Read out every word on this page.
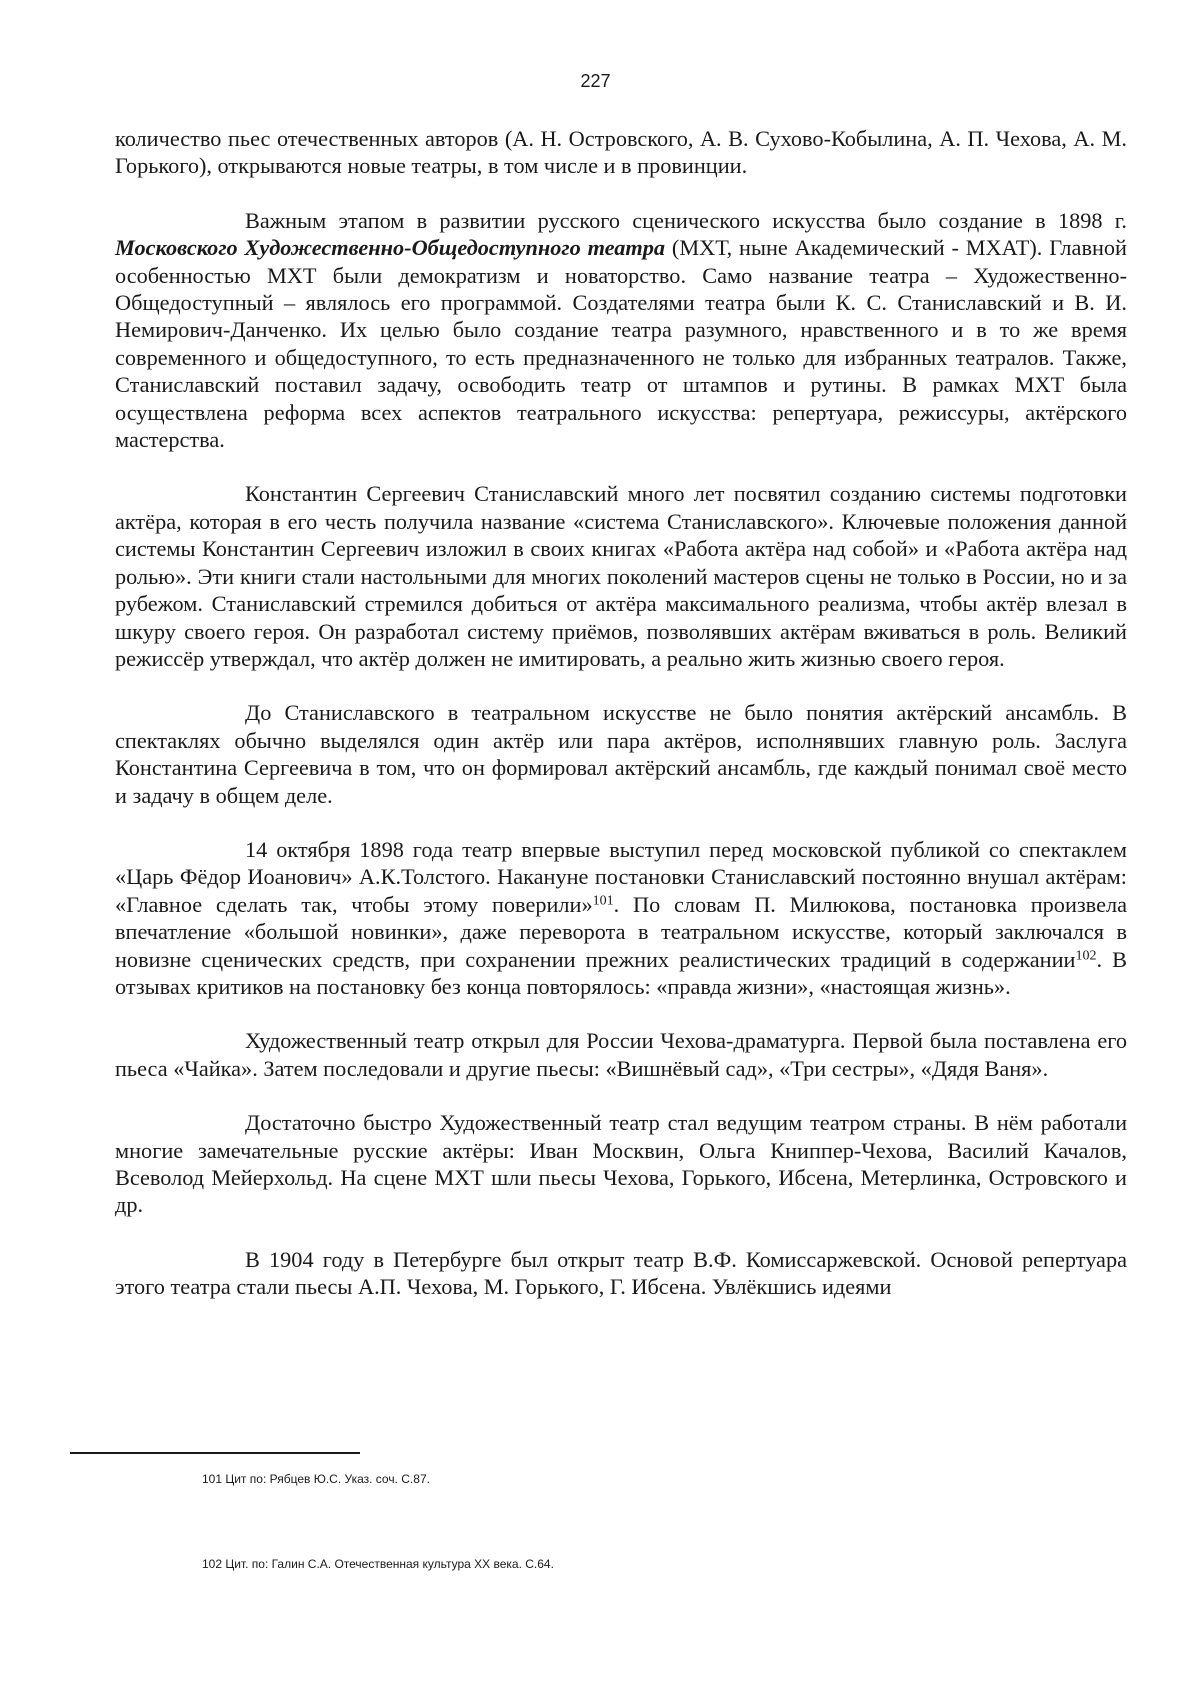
227

количество пьес отечественных авторов (А. Н. Островского, А. В. Сухово-Кобылина, А. П. Чехова, А. М. Горького), открываются новые театры, в том числе и в провинции.

Важным этапом в развитии русского сценического искусства было создание в 1898 г. Московского Художественно-Общедоступного театра (МХТ, ныне Академический - МХАТ). Главной особенностью МХТ были демократизм и новаторство. Само название театра – Художественно-Общедоступный – являлось его программой. Создателями театра были К. С. Станиславский и В. И. Немирович-Данченко. Их целью было создание театра разумного, нравственного и в то же время современного и общедоступного, то есть предназначенного не только для избранных театралов. Также, Станиславский поставил задачу, освободить театр от штампов и рутины. В рамках МХТ была осуществлена реформа всех аспектов театрального искусства: репертуара, режиссуры, актёрского мастерства.

Константин Сергеевич Станиславский много лет посвятил созданию системы подготовки актёра, которая в его честь получила название «система Станиславского». Ключевые положения данной системы Константин Сергеевич изложил в своих книгах «Работа актёра над собой» и «Работа актёра над ролью». Эти книги стали настольными для многих поколений мастеров сцены не только в России, но и за рубежом. Станиславский стремился добиться от актёра максимального реализма, чтобы актёр влезал в шкуру своего героя. Он разработал систему приёмов, позволявших актёрам вживаться в роль. Великий режиссёр утверждал, что актёр должен не имитировать, а реально жить жизнью своего героя.

До Станиславского в театральном искусстве не было понятия актёрский ансамбль. В спектаклях обычно выделялся один актёр или пара актёров, исполнявших главную роль. Заслуга Константина Сергеевича в том, что он формировал актёрский ансамбль, где каждый понимал своё место и задачу в общем деле.

14 октября 1898 года театр впервые выступил перед московской публикой со спектаклем «Царь Фёдор Иоанович» А.К.Толстого. Накануне постановки Станиславский постоянно внушал актёрам: «Главное сделать так, чтобы этому поверили»$^{101}$. По словам П. Милюкова, постановка произвела впечатление «большой новинки», даже переворота в театральном искусстве, который заключался в новизне сценических средств, при сохранении прежних реалистических традиций в содержании$^{102}$. В отзывах критиков на постановку без конца повторялось: «правда жизни», «настоящая жизнь».

Художественный театр открыл для России Чехова-драматурга. Первой была поставлена его пьеса «Чайка». Затем последовали и другие пьесы: «Вишнёвый сад», «Три сестры», «Дядя Ваня».

Достаточно быстро Художественный театр стал ведущим театром страны. В нём работали многие замечательные русские актёры: Иван Москвин, Ольга Книппер-Чехова, Василий Качалов, Всеволод Мейерхольд. На сцене МХТ шли пьесы Чехова, Горького, Ибсена, Метерлинка, Островского и др.

В 1904 году в Петербурге был открыт театр В.Ф. Комиссаржевской. Основой репертуара этого театра стали пьесы А.П. Чехова, М. Горького, Г. Ибсена. Увлёкшись идеями

101 Цит по: Рябцев Ю.С. Указ. соч. С.87.
102 Цит. по: Галин С.А. Отечественная культура ХХ века. С.64.
